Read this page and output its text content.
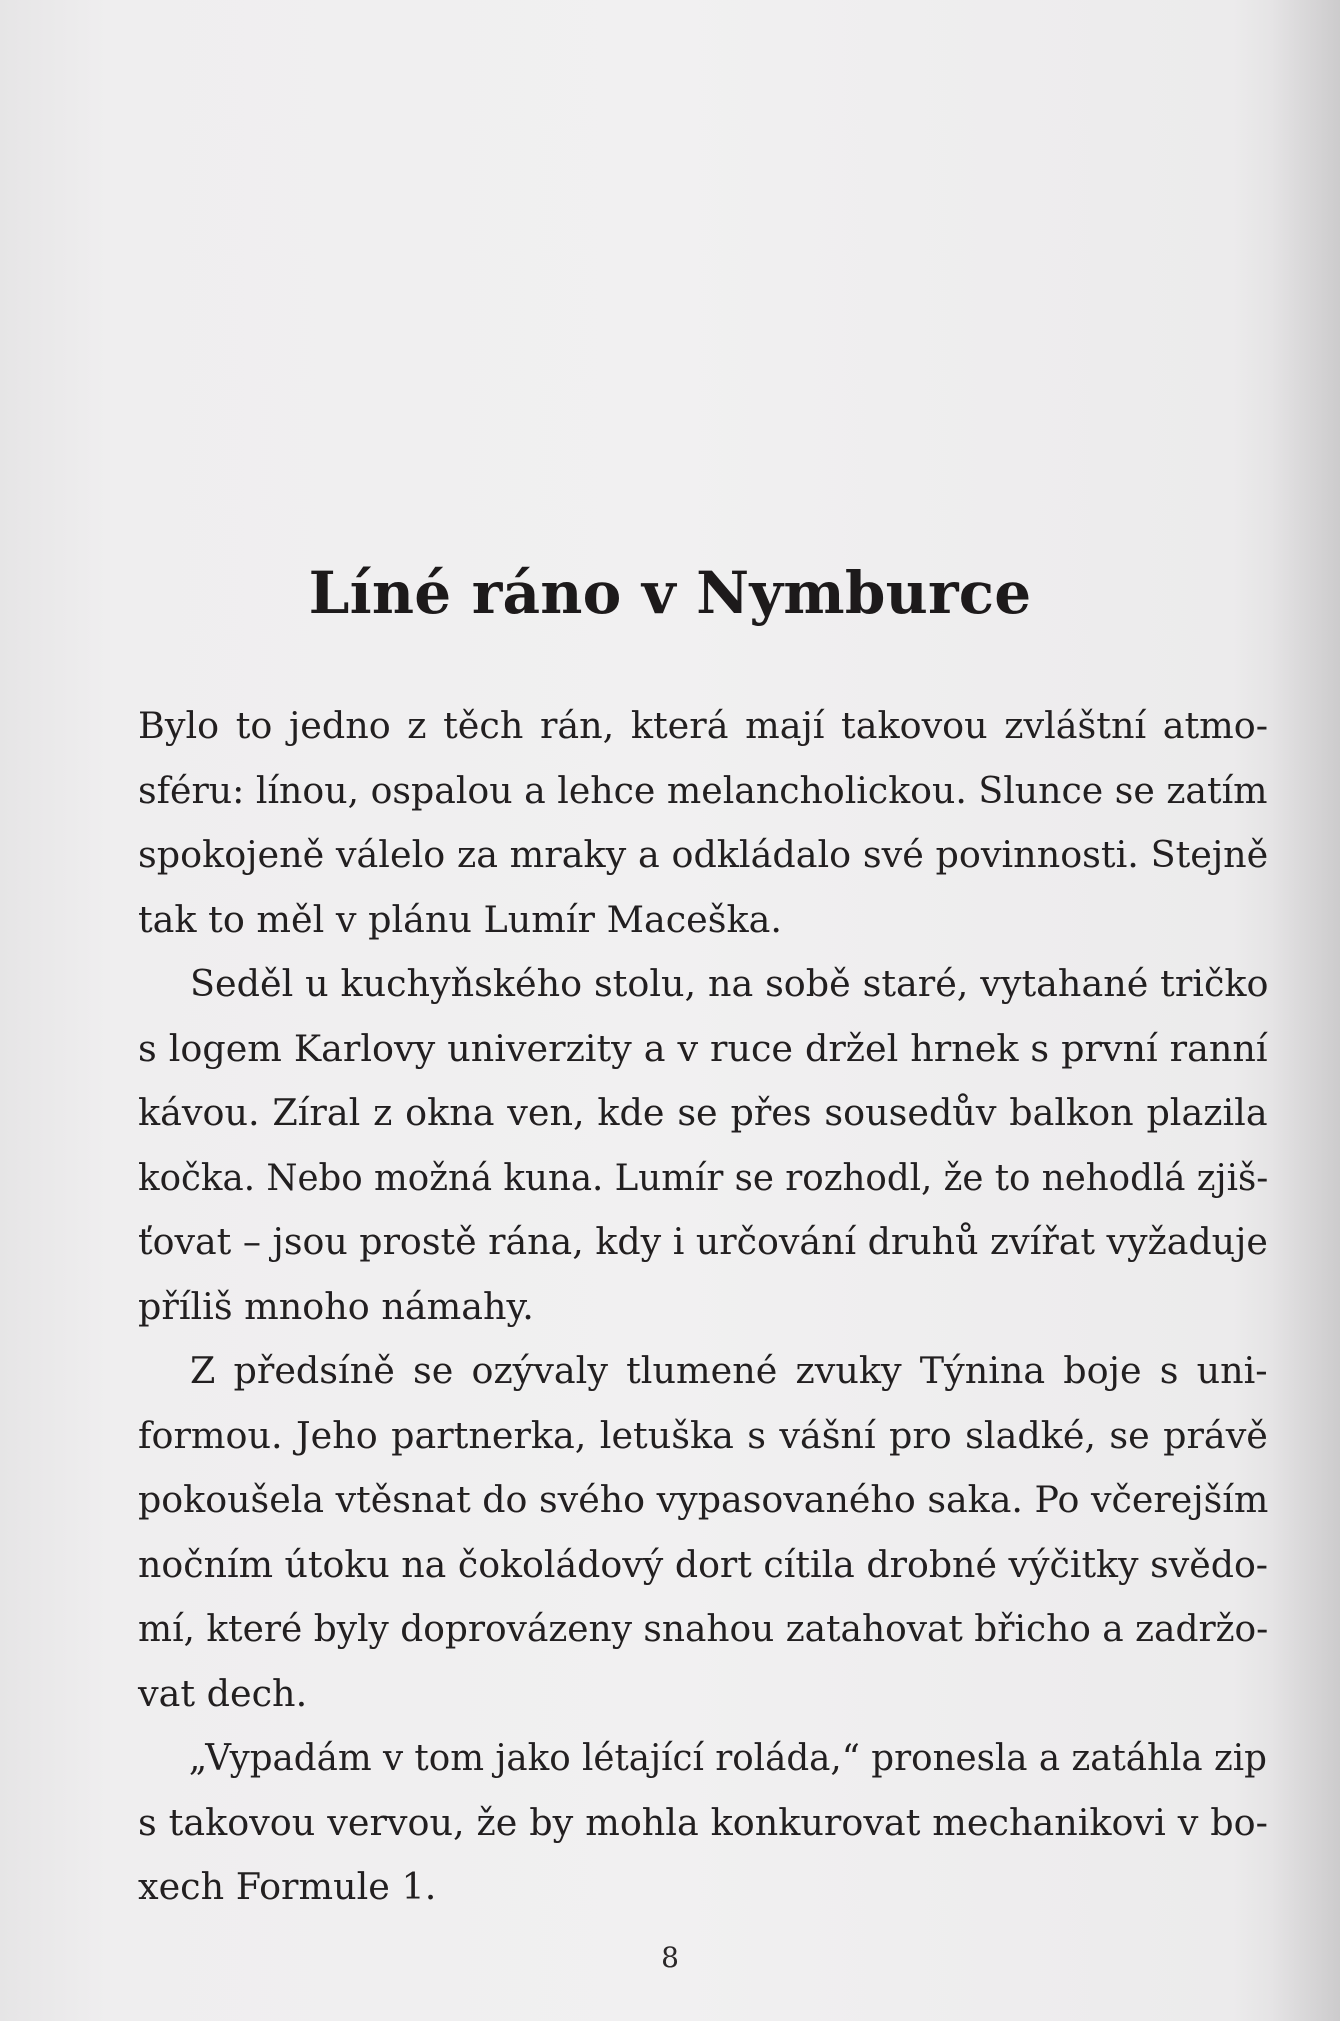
Líné ráno v Nymburce
Bylo to jedno z těch rán, která mají takovou zvláštní atmo-
sféru: línou, ospalou a lehce melancholickou. Slunce se zatím
spokojeně válelo za mraky a odkládalo své povinnosti. Stejně
tak to měl v plánu Lumír Maceška.
Seděl u kuchyňského stolu, na sobě staré, vytahané tričko
s logem Karlovy univerzity a v ruce držel hrnek s první ranní
kávou. Zíral z okna ven, kde se přes sousedův balkon plazila
kočka. Nebo možná kuna. Lumír se rozhodl, že to nehodlá zjiš-
ťovat – jsou prostě rána, kdy i určování druhů zvířat vyžaduje
příliš mnoho námahy.
Z předsíně se ozývaly tlumené zvuky Týnina boje s uni-
formou. Jeho partnerka, letuška s vášní pro sladké, se právě
pokoušela vtěsnat do svého vypasovaného saka. Po včerejším
nočním útoku na čokoládový dort cítila drobné výčitky svědo-
mí, které byly doprovázeny snahou zatahovat břicho a zadržo-
vat dech.
„Vypadám v tom jako létající roláda,“ pronesla a zatáhla zip
s takovou vervou, že by mohla konkurovat mechanikovi v bo-
xech Formule 1.
8
